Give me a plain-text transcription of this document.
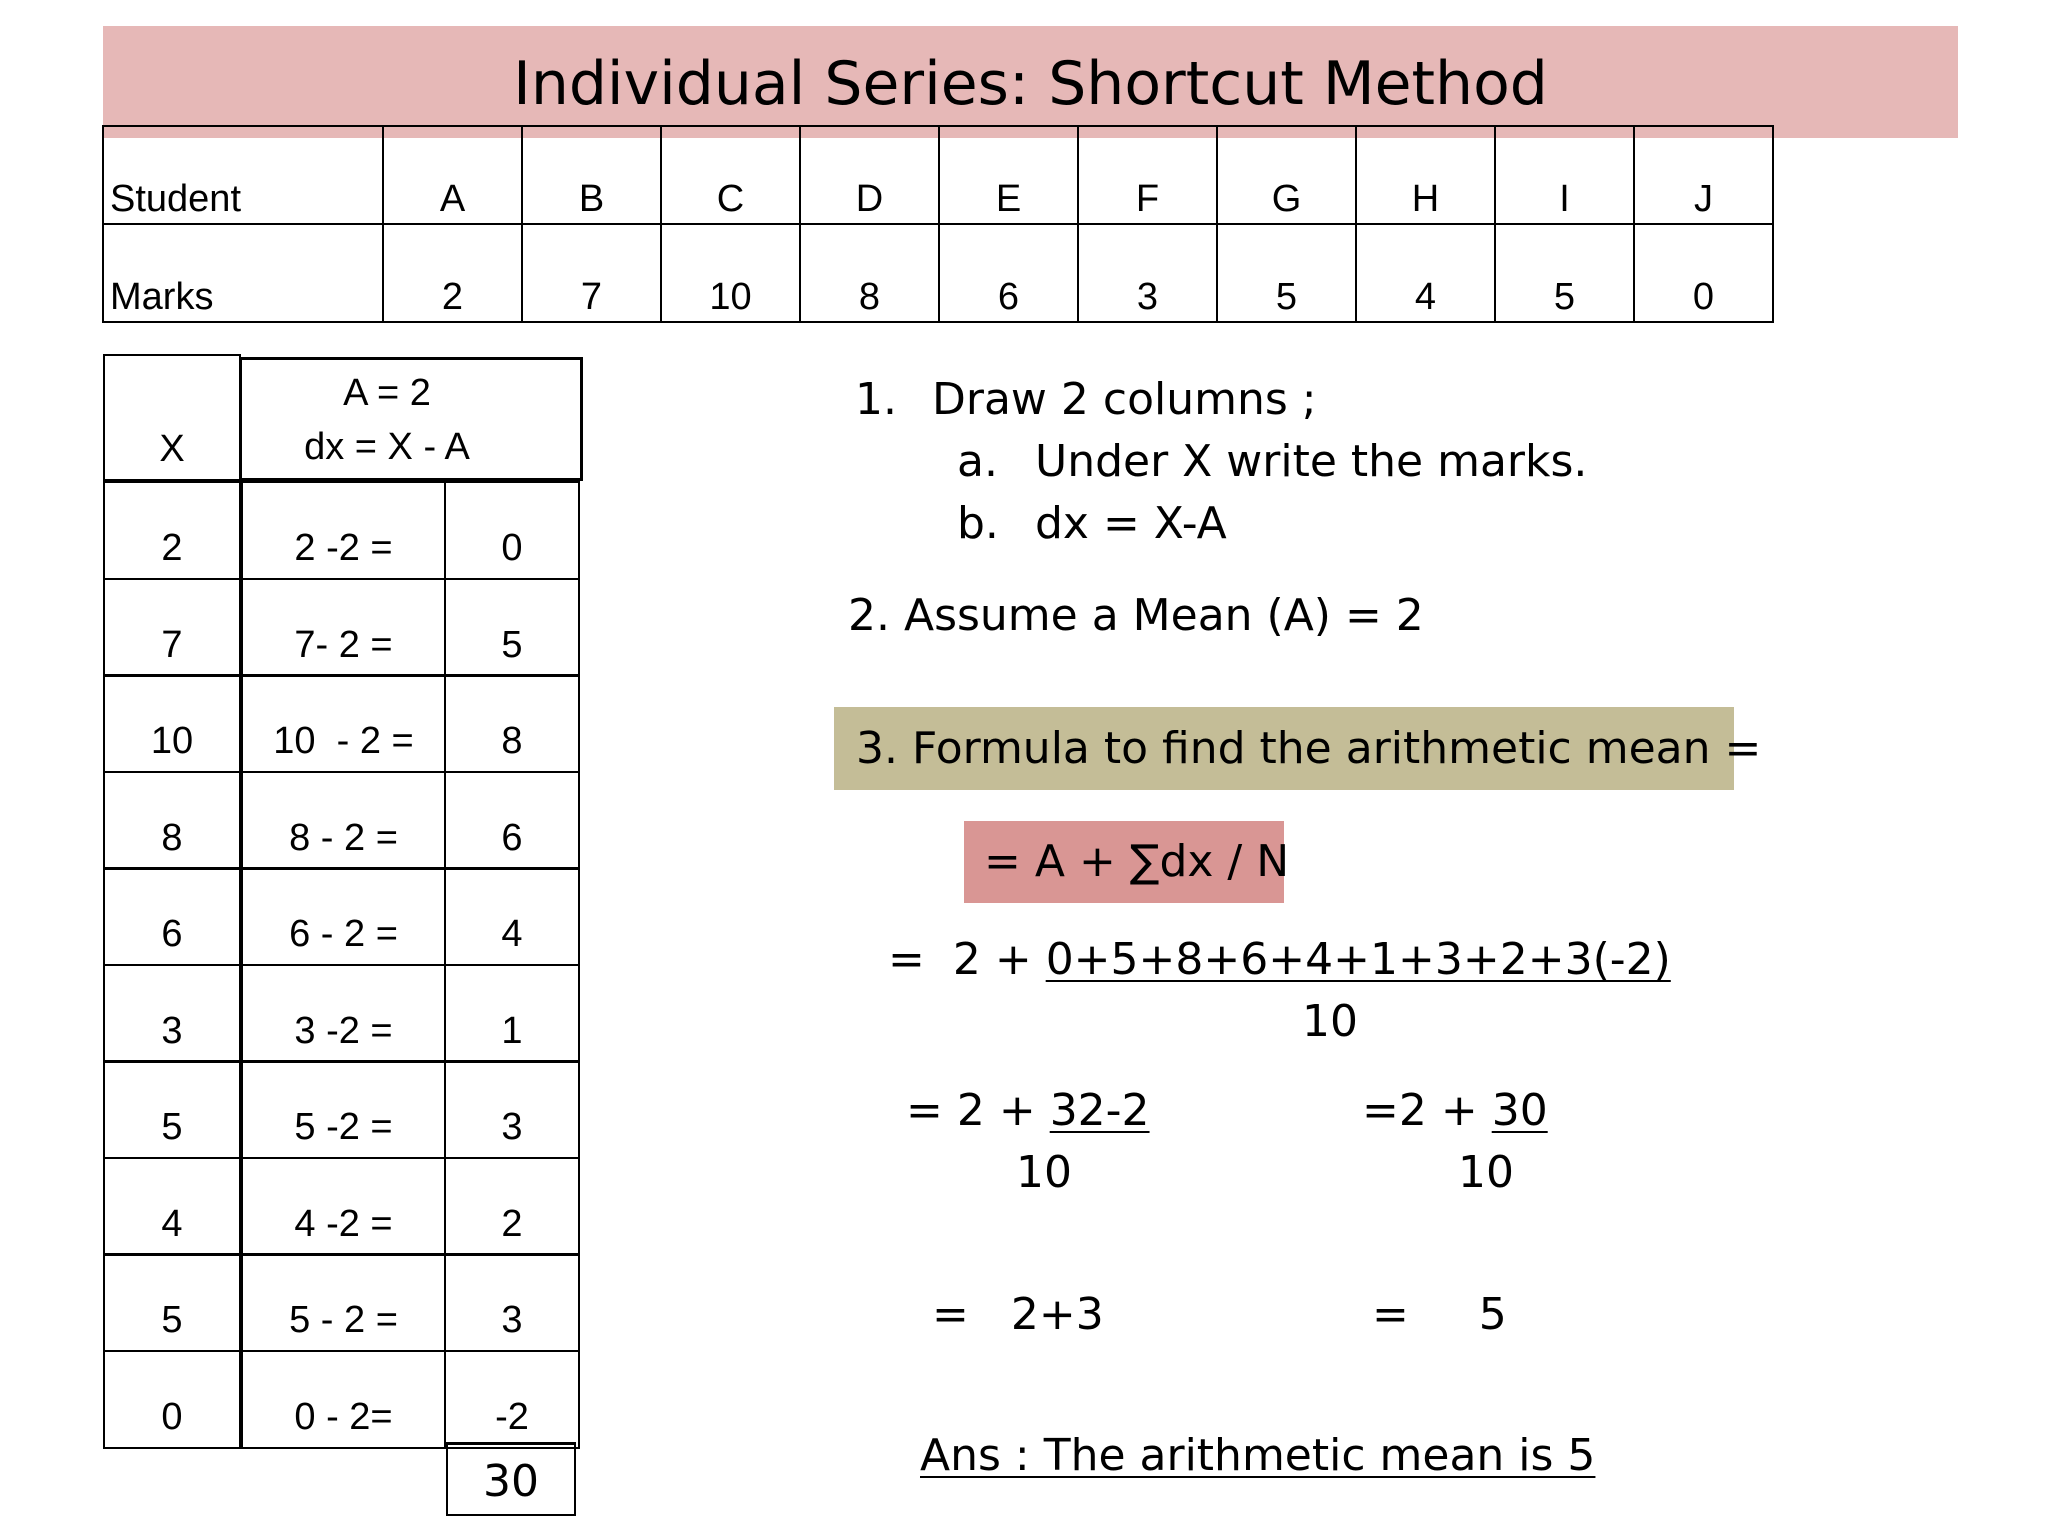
Individual Series: Shortcut Method
Student	A	B	C	D	E	F	G	H	I	J
Marks	2	7	10	8	6	3	5	4	5	0
X
A = 2
dx = X - A
2	2 -2 =	0
7	7- 2 =	5
10	10  - 2 =	8
8	8 - 2 =	6
6	6 - 2 =	4
3	3 -2 =	1
5	5 -2 =	3
4	4 -2 =	2
5	5 - 2 =	3
0	0 - 2=	-2
30
1. Draw 2 columns ;
a. Under X write the marks.
b. dx = X-A
2. Assume a Mean (A) = 2
3. Formula to find the arithmetic mean =
= A + ∑dx / N
=  2 + 0+5+8+6+4+1+3+2+3(-2)
10
= 2 + 32-2
10
=2 + 30
10
=   2+3	=     5
Ans : The arithmetic mean is 5
